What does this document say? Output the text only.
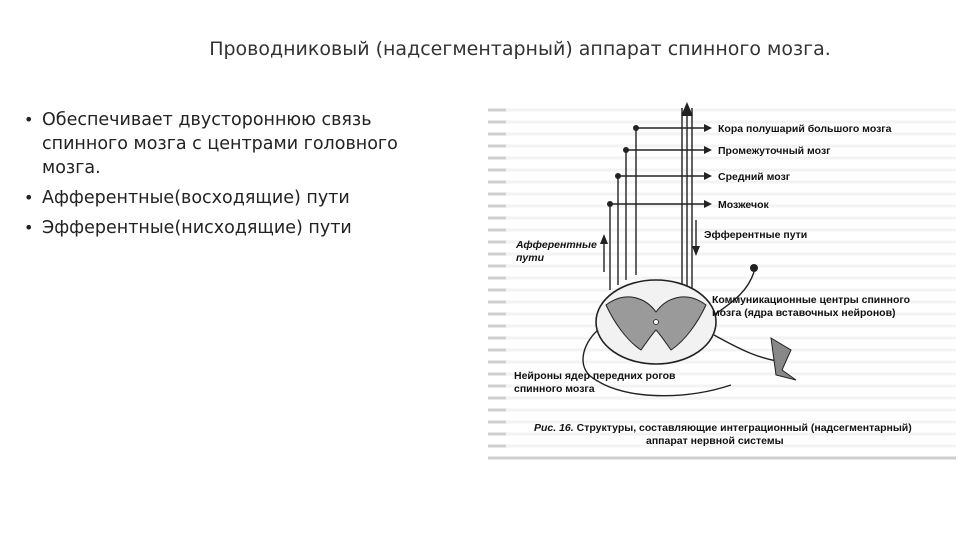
Проводниковый (надсегментарный) аппарат спинного мозга.
• Обеспечивает двустороннюю связь спинного мозга с центрами головного мозга.
• Афферентные(восходящие) пути
• Эфферентные(нисходящие) пути
Кора полушарий большого мозга
Промежуточный мозг
Средний мозг
Мозжечок
Эфферентные пути
Афферентные
пути
Коммуникационные центры спинного
мозга (ядра вставочных нейронов)
Нейроны ядер передних рогов
спинного мозга
Рис. 16. Структуры, составляющие интеграционный (надсегментарный)
аппарат нервной системы
